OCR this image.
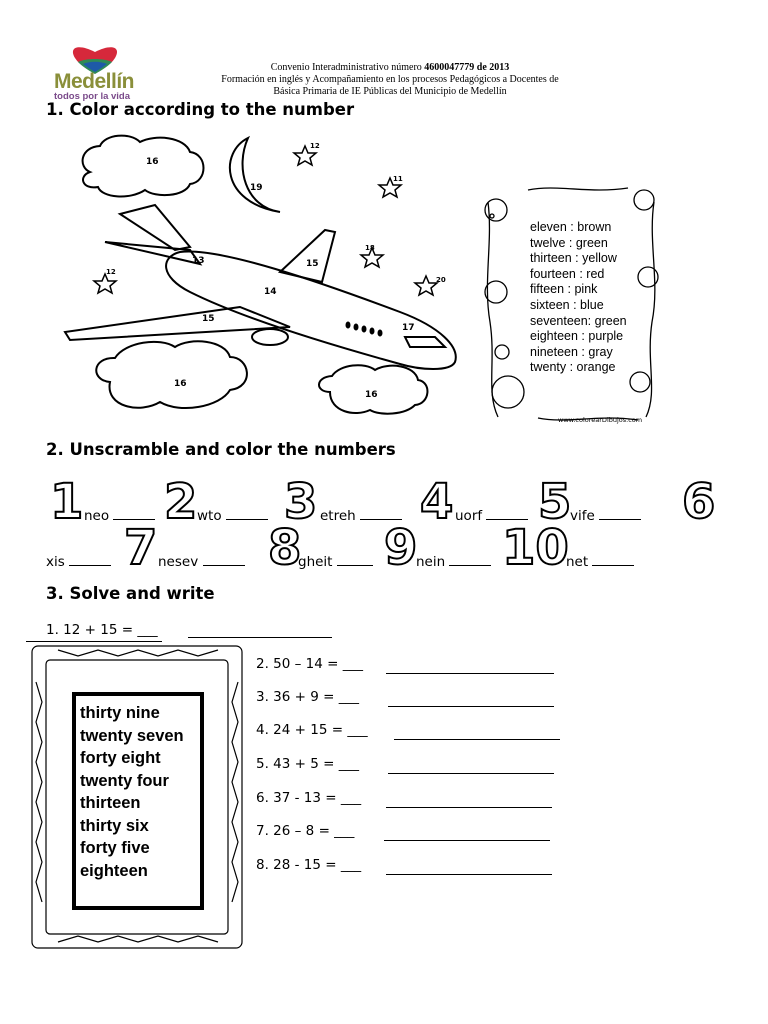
Medellín
todos por la vida
Convenio Interadministrativo número 4600047779 de 2013
Formación en inglés y Acompañamiento en los procesos Pedagógicos a Docentes de
Básica Primaria de IE Públicas del Municipio de Medellín
1. Color according to the number
16
19
12
11
13	15
18
12
14
20
15
17
16
16
www.colorearDibujos.com
eleven : brown
twelve : green
thirteen : yellow
fourteen : red
fifteen : pink
sixteen : blue
seventeen: green
eighteen : purple
nineteen : gray
twenty : orange
2. Unscramble and color the numbers
1 neo	2 wto	3 etreh	4 uorf	5
vife	6
xis	7 nesev	8
gheit	9
nein	10
net
3. Solve and write
1. 12 + 15 = ___
thirty nine
twenty seven
forty eight
twenty four
thirteen
thirty six
forty five
eighteen
2. 50 – 14 = ___
3. 36 + 9 = ___
4. 24 + 15 = ___
5. 43 + 5 = ___
6. 37 - 13 = ___
7. 26 – 8 = ___
8. 28 - 15 = ___
